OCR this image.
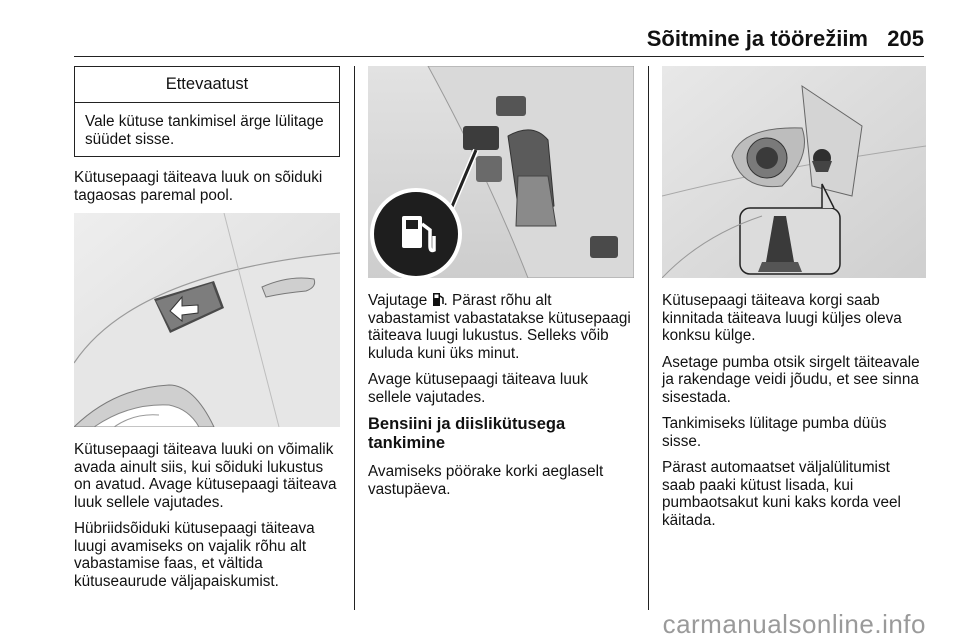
Sõitmine ja töörežiim 205
Ettevaatust
Vale kütuse tankimisel ärge lülitage süüdet sisse.

Kütusepaagi täiteava luuk on sõiduki tagaosas paremal pool.

Kütusepaagi täiteava luuki on võimalik avada ainult siis, kui sõiduki lukustus on avatud. Avage kütusepaagi täiteava luuk sellele vajutades.

Hübriidsõiduki kütusepaagi täiteava luugi avamiseks on vajalik rõhu alt vabastamise faas, et vältida kütuseaurude väljapaiskumist.

Vajutage . Pärast rõhu alt vabastamist vabastatakse kütusepaagi täiteava luugi lukustus. Selleks võib kuluda kuni üks minut.

Avage kütusepaagi täiteava luuk sellele vajutades.

Bensiini ja diislikütusega tankimine

Avamiseks pöörake korki aeglaselt vastupäeva.

Kütusepaagi täiteava korgi saab kinnitada täiteava luugi küljes oleva konksu külge.

Asetage pumba otsik sirgelt täiteavale ja rakendage veidi jõudu, et see sinna sisestada.

Tankimiseks lülitage pumba düüs sisse.

Pärast automaatset väljalülitumist saab paaki kütust lisada, kui pumbaotsakut kuni kaks korda veel käitada.

carmanualsonline.info
